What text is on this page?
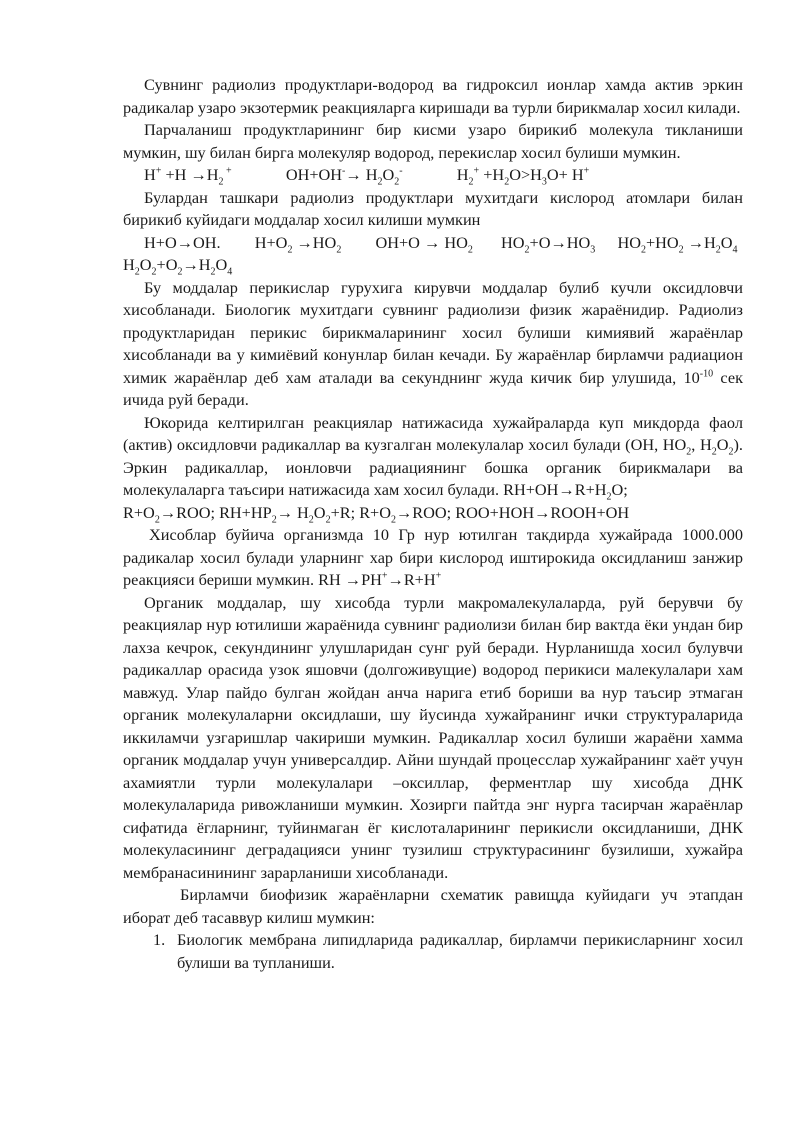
Сувнинг радиолиз продуктлари-водород ва гидроксил ионлар хамда актив эркин радикалар узаро экзотермик реакцияларга киришади ва турли бирикмалар хосил килади.

Парчаланиш продуктларининг бир кисми узаро бирикиб молекула тикланиши мумкин, шу билан бирга молекуляр водород, перекислар хосил булиши мумкин.

$H^+ +H \to H_2$ +	$OH+OH^-\to H_2O_2^-$	$H_2^+ +H_2O>H_3O+ H^+$

Булардан ташкари радиолиз продуктлари мухитдаги кислород атомлари билан бирикиб куйидаги моддалар хосил килиши мумкин

H+O→OH. $H+O_2 \to HO_2$ $OH+O \to HO_2$ $HO_2+O\to HO_3$ $HO_2+HO_2 \to H_2O_4$

$H_2O_2+O_2\to H_2O_4$

Бу моддалар перикислар гурухига кирувчи моддалар булиб кучли оксидловчи хисобланади. Биологик мухитдаги сувнинг радиолизи физик жараёнидир. Радиолиз продуктларидан перикис бирикмаларининг хосил булиши кимиявий жараёнлар хисобланади ва у кимиёвий конунлар билан кечади. Бу жараёнлар бирламчи радиацион химик жараёнлар деб хам аталади ва секунднинг жуда кичик бир улушида, $10^{-10}$ сек ичида руй беради.

Юкорида келтирилган реакциялар натижасида хужайраларда куп микдорда фаол (актив) оксидловчи радикаллар ва кузгалган молекулалар хосил булади (OH, $HO_2$, $H_2O_2$). Эркин радикаллар, ионловчи радиациянинг бошка органик бирикмалари ва молекулаларга таъсири натижасида хам хосил булади. $RH+OH\to R+H_2O$;

$R+O_2\to ROO$; $RH+HP_2\to H_2O_2+R$; $R+O_2\to ROO$; ROO+HOH→ROOH+OH

Хисоблар буйича организмда 10 Гр нур ютилган такдирда хужайрада 1000.000 радикалар хосил булади уларнинг хар бири кислород иштирокида оксидланиш занжир реакцияси бериши мумкин. RH →PH+→R+H+

Органик моддалар, шу хисобда турли макромалекулаларда, руй берувчи бу реакциялар нур ютилиши жараёнида сувнинг радиолизи билан бир вактда ёки ундан бир лахза кечрок, секундининг улушларидан сунг руй беради. Нурланишда хосил булувчи радикаллар орасида узок яшовчи (долгоживущие) водород перикиси малекулалари хам мавжуд. Улар пайдо булган жойдан анча нарига етиб бориши ва нур таъсир этмаган органик молекулаларни оксидлаши, шу йусинда хужайранинг ички структураларида иккиламчи узгаришлар чакириши мумкин. Радикаллар хосил булиши жараёни хамма органик моддалар учун универсалдир. Айни шундай процесслар хужайранинг хаёт учун ахамиятли турли молекулалари –оксиллар, ферментлар шу хисобда ДНК молекулаларида ривожланиши мумкин. Хозирги пайтда энг нурга тасирчан жараёнлар сифатида ёгларнинг, туйинмаган ёг кислоталарининг перикисли оксидланиши, ДНК молекуласининг деградацияси унинг тузилиш структурасининг бузилиши, хужайра мембранасинининг зарарланиши хисобланади.

Бирламчи биофизик жараёнларни схематик равищда куйидаги уч этапдан иборат деб тасаввур килиш мумкин:

1. Биологик мембрана липидларида радикаллар, бирламчи перикисларнинг хосил булиши ва тупланиши.
